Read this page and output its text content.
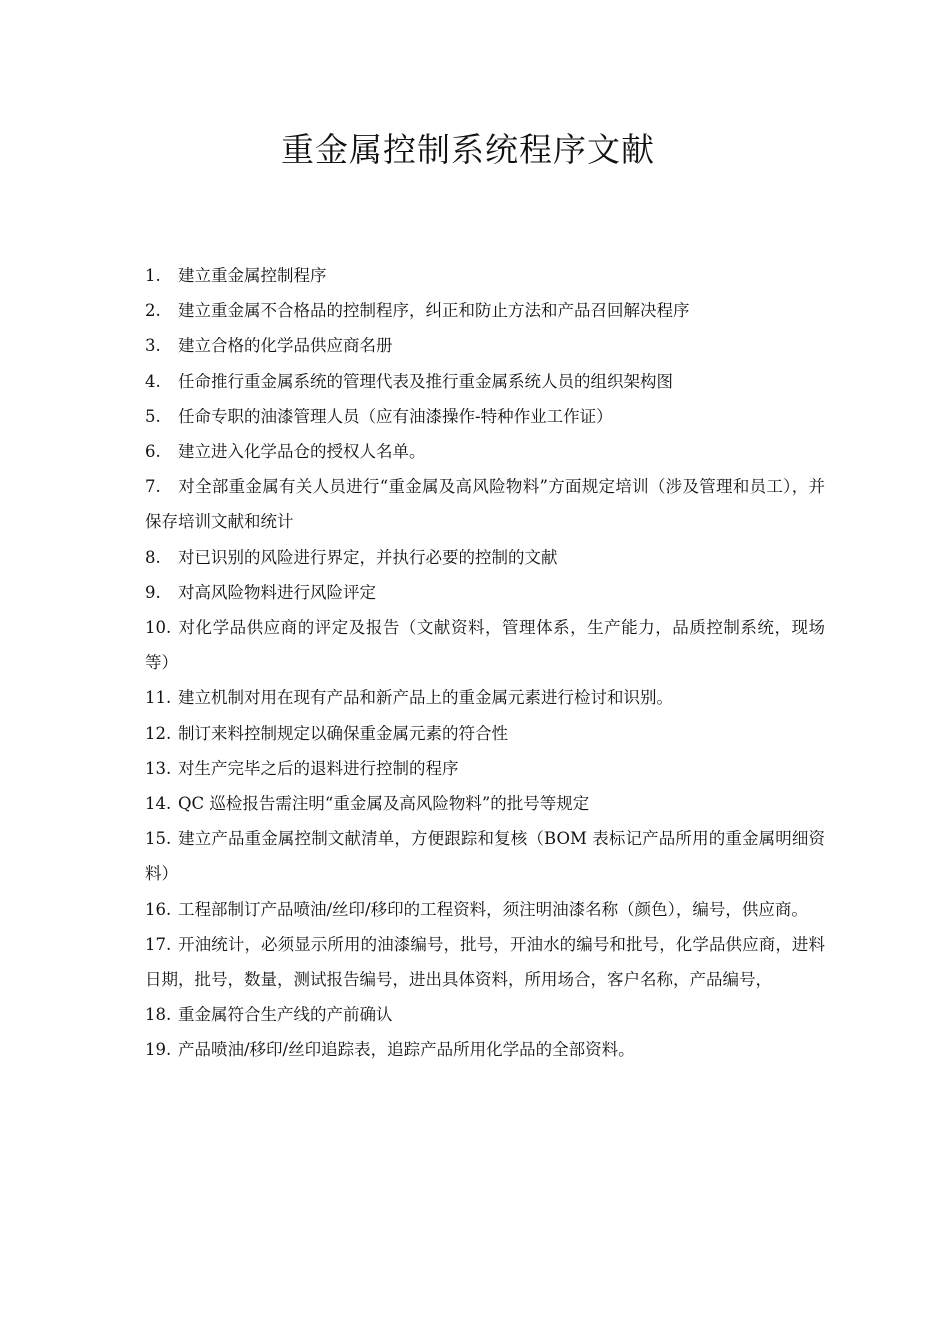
重金属控制系统程序文献
1. 建立重金属控制程序
2. 建立重金属不合格品的控制程序，纠正和防止方法和产品召回解决程序
3. 建立合格的化学品供应商名册
4. 任命推行重金属系统的管理代表及推行重金属系统人员的组织架构图
5. 任命专职的油漆管理人员（应有油漆操作-特种作业工作证）
6. 建立进入化学品仓的授权人名单。
7. 对全部重金属有关人员进行“重金属及高风险物料”方面规定培训（涉及管理和员工），并保存培训文献和统计
8. 对已识别的风险进行界定，并执行必要的控制的文献
9. 对高风险物料进行风险评定
10. 对化学品供应商的评定及报告（文献资料，管理体系，生产能力，品质控制系统，现场等）
11. 建立机制对用在现有产品和新产品上的重金属元素进行检讨和识别。
12. 制订来料控制规定以确保重金属元素的符合性
13. 对生产完毕之后的退料进行控制的程序
14. QC 巡检报告需注明“重金属及高风险物料”的批号等规定
15. 建立产品重金属控制文献清单，方便跟踪和复核（BOM 表标记产品所用的重金属明细资料）
16. 工程部制订产品喷油/丝印/移印的工程资料，须注明油漆名称（颜色），编号，供应商。
17. 开油统计，必须显示所用的油漆编号，批号，开油水的编号和批号，化学品供应商，进料日期，批号，数量，测试报告编号，进出具体资料，所用场合，客户名称，产品编号，
18. 重金属符合生产线的产前确认
19. 产品喷油/移印/丝印追踪表，追踪产品所用化学品的全部资料。
